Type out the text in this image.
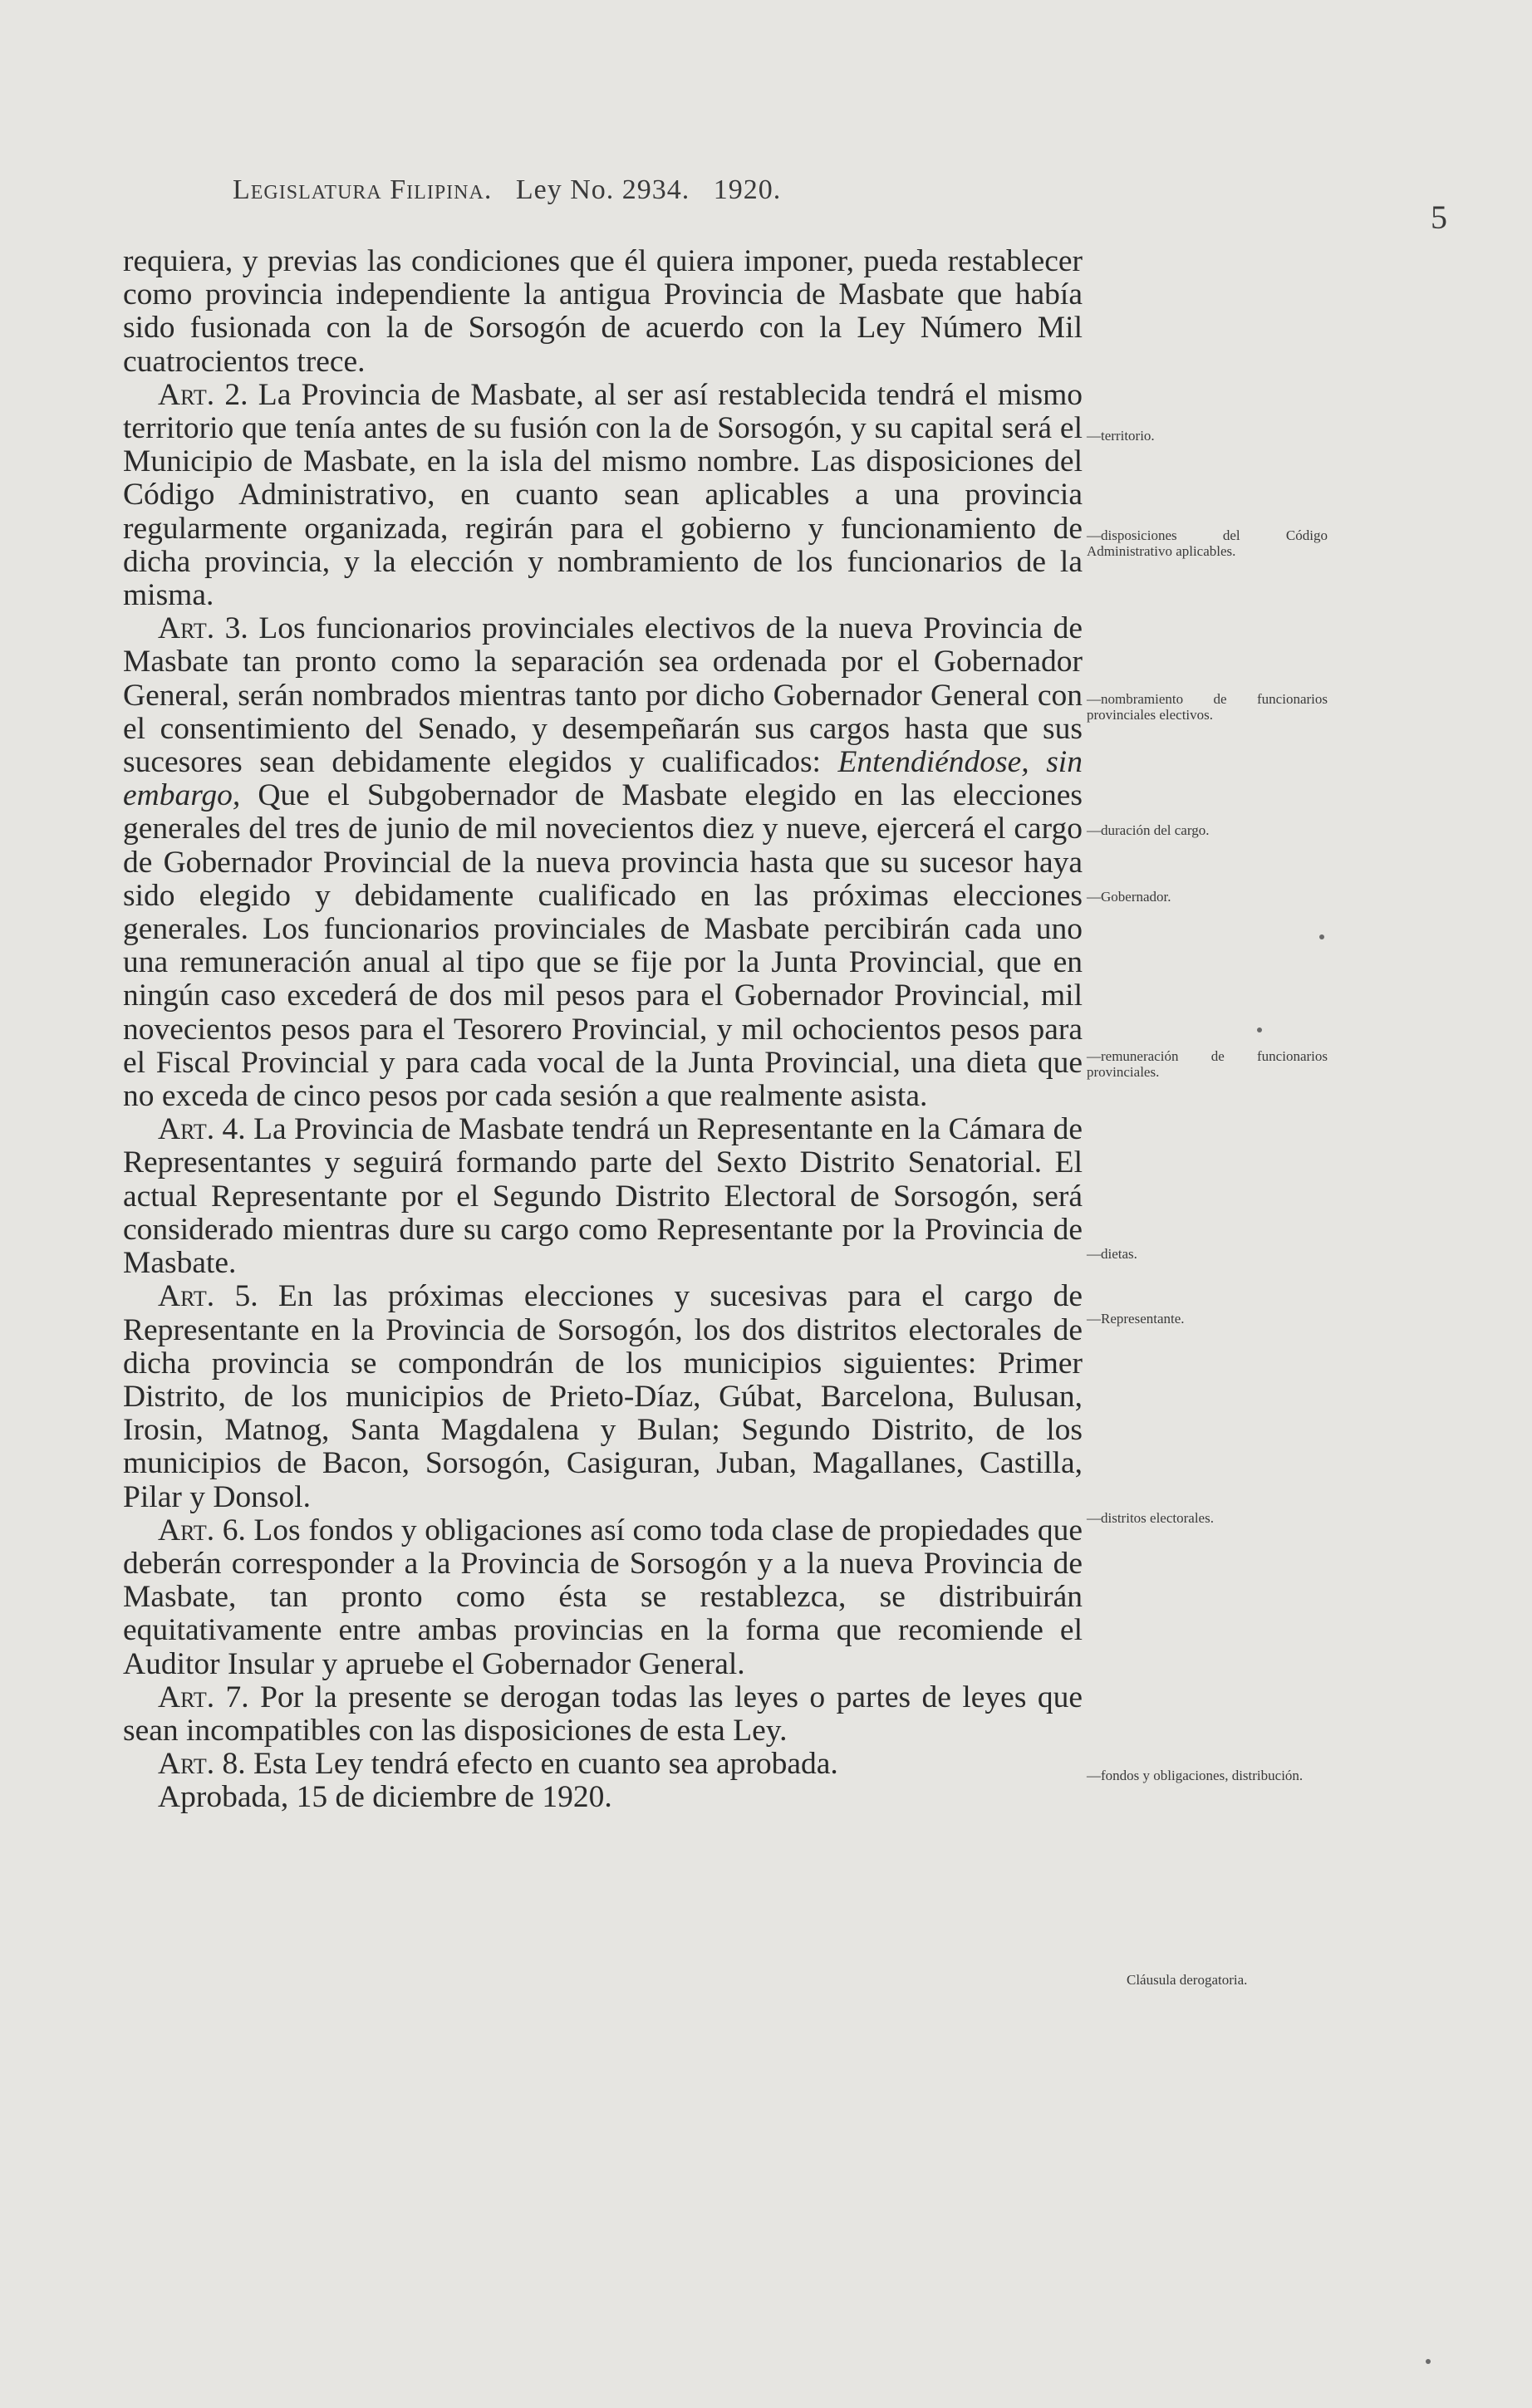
Legislatura Filipina. Ley No. 2934. 1920.
5

requiera, y previas las condiciones que él quiera imponer, pueda restablecer como provincia independiente la antigua Provincia de Masbate que había sido fusionada con la de Sorsogón de acuerdo con la Ley Número Mil cuatrocientos trece.

Art. 2. La Provincia de Masbate, al ser así restablecida tendrá el mismo territorio que tenía antes de su fusión con la de Sorsogón, y su capital será el Municipio de Masbate, en la isla del mismo nombre. Las disposiciones del Código Administrativo, en cuanto sean aplicables a una provincia regularmente organizada, regirán para el gobierno y funcionamiento de dicha provincia, y la elección y nombramiento de los funcionarios de la misma.

Art. 3. Los funcionarios provinciales electivos de la nueva Provincia de Masbate tan pronto como la separación sea ordenada por el Gobernador General, serán nombrados mientras tanto por dicho Gobernador General con el consentimiento del Senado, y desempeñarán sus cargos hasta que sus sucesores sean debidamente elegidos y cualificados: Entendiéndose, sin embargo, Que el Subgobernador de Masbate elegido en las elecciones generales del tres de junio de mil novecientos diez y nueve, ejercerá el cargo de Gobernador Provincial de la nueva provincia hasta que su sucesor haya sido elegido y debidamente cualificado en las próximas elecciones generales. Los funcionarios provinciales de Masbate percibirán cada uno una remuneración anual al tipo que se fije por la Junta Provincial, que en ningún caso excederá de dos mil pesos para el Gobernador Provincial, mil novecientos pesos para el Tesorero Provincial, y mil ochocientos pesos para el Fiscal Provincial y para cada vocal de la Junta Provincial, una dieta que no exceda de cinco pesos por cada sesión a que realmente asista.

Art. 4. La Provincia de Masbate tendrá un Representante en la Cámara de Representantes y seguirá formando parte del Sexto Distrito Senatorial. El actual Representante por el Segundo Distrito Electoral de Sorsogón, será considerado mientras dure su cargo como Representante por la Provincia de Masbate.

Art. 5. En las próximas elecciones y sucesivas para el cargo de Representante en la Provincia de Sorsogón, los dos distritos electorales de dicha provincia se compondrán de los municipios siguientes: Primer Distrito, de los municipios de Prieto-Díaz, Gúbat, Barcelona, Bulusan, Irosin, Matnog, Santa Magdalena y Bulan; Segundo Distrito, de los municipios de Bacon, Sorsogón, Casiguran, Juban, Magallanes, Castilla, Pilar y Donsol.

Art. 6. Los fondos y obligaciones así como toda clase de propiedades que deberán corresponder a la Provincia de Sorsogón y a la nueva Provincia de Masbate, tan pronto como ésta se restablezca, se distribuirán equitativamente entre ambas provincias en la forma que recomiende el Auditor Insular y apruebe el Gobernador General.

Art. 7. Por la presente se derogan todas las leyes o partes de leyes que sean incompatibles con las disposiciones de esta Ley.

Art. 8. Esta Ley tendrá efecto en cuanto sea aprobada.

Aprobada, 15 de diciembre de 1920.

—territorio.
—disposiciones del Código Administrativo aplicables.
—nombramiento de funcionarios provinciales electivos.
—duración del cargo.
—Gobernador.
—remuneración de funcionarios provinciales.
—dietas.
—Representante.
—distritos electorales.
—fondos y obligaciones, distribución.
Cláusula derogatoria.
